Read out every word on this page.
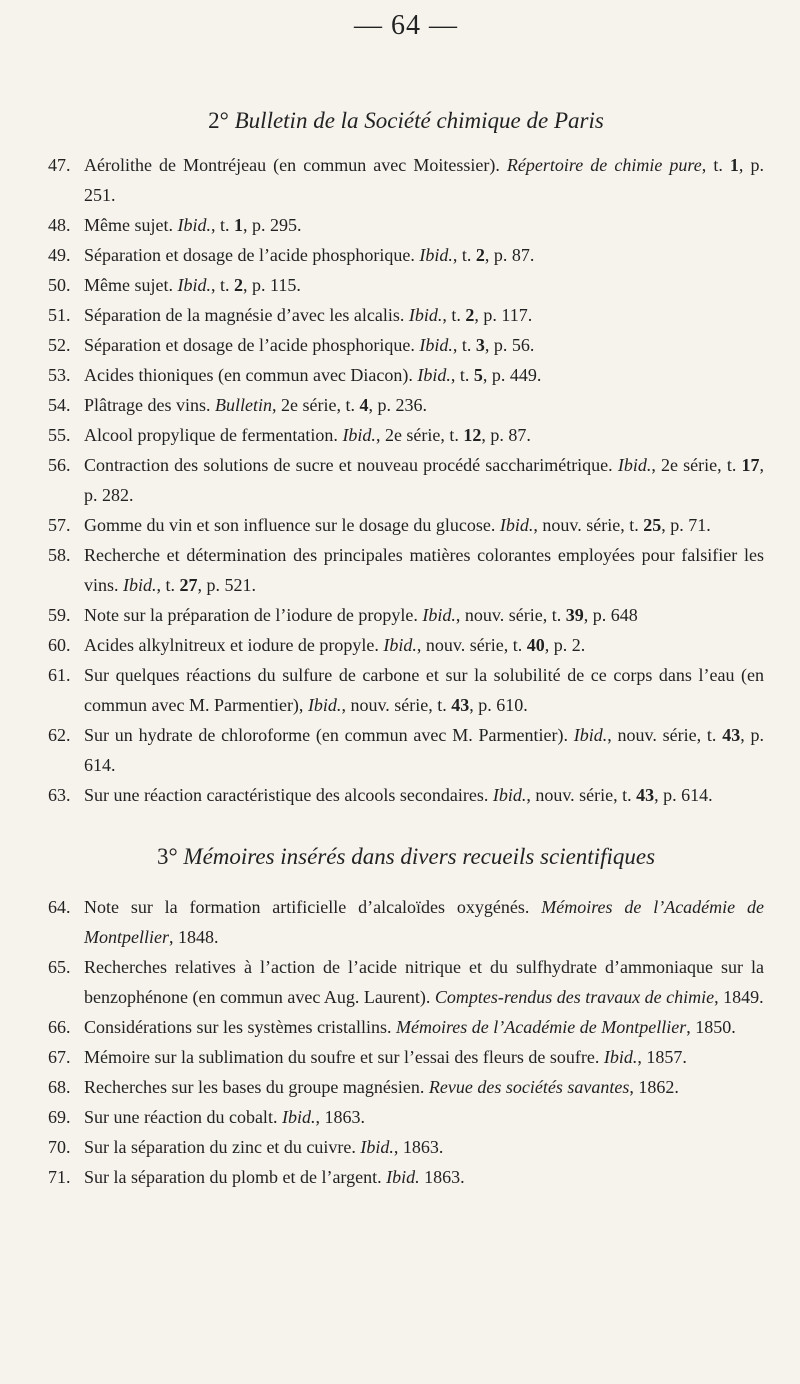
— 64 —
2° Bulletin de la Société chimique de Paris
47. Aérolithe de Montréjeau (en commun avec Moitessier). Répertoire de chimie pure, t. 1, p. 251.
48. Même sujet. Ibid., t. 1, p. 295.
49. Séparation et dosage de l’acide phosphorique. Ibid., t. 2, p. 87.
50. Même sujet. Ibid., t. 2, p. 115.
51. Séparation de la magnésie d’avec les alcalis. Ibid., t. 2, p. 117.
52. Séparation et dosage de l’acide phosphorique. Ibid., t. 3, p. 56.
53. Acides thioniques (en commun avec Diacon). Ibid., t. 5, p. 449.
54. Plâtrage des vins. Bulletin, 2e série, t. 4, p. 236.
55. Alcool propylique de fermentation. Ibid., 2e série, t. 12, p. 87.
56. Contraction des solutions de sucre et nouveau procédé saccharimétrique. Ibid., 2e série, t. 17, p. 282.
57. Gomme du vin et son influence sur le dosage du glucose. Ibid., nouv. série, t. 25, p. 71.
58. Recherche et détermination des principales matières colorantes employées pour falsifier les vins. Ibid., t. 27, p. 521.
59. Note sur la préparation de l’iodure de propyle. Ibid., nouv. série, t. 39, p. 648
60. Acides alkylnitreux et iodure de propyle. Ibid., nouv. série, t. 40, p. 2.
61. Sur quelques réactions du sulfure de carbone et sur la solubilité de ce corps dans l’eau (en commun avec M. Parmentier), Ibid., nouv. série, t. 43, p. 610.
62. Sur un hydrate de chloroforme (en commun avec M. Parmentier). Ibid., nouv. série, t. 43, p. 614.
63. Sur une réaction caractéristique des alcools secondaires. Ibid., nouv. série, t. 43, p. 614.
3° Mémoires insérés dans divers recueils scientifiques
64. Note sur la formation artificielle d’alcaloïdes oxygénés. Mémoires de l’Académie de Montpellier, 1848.
65. Recherches relatives à l’action de l’acide nitrique et du sulfhydrate d’ammoniaque sur la benzophénone (en commun avec Aug. Laurent). Comptes-rendus des travaux de chimie, 1849.
66. Considérations sur les systèmes cristallins. Mémoires de l’Académie de Montpellier, 1850.
67. Mémoire sur la sublimation du soufre et sur l’essai des fleurs de soufre. Ibid., 1857.
68. Recherches sur les bases du groupe magnésien. Revue des sociétés savantes, 1862.
69. Sur une réaction du cobalt. Ibid., 1863.
70. Sur la séparation du zinc et du cuivre. Ibid., 1863.
71. Sur la séparation du plomb et de l’argent. Ibid. 1863.
